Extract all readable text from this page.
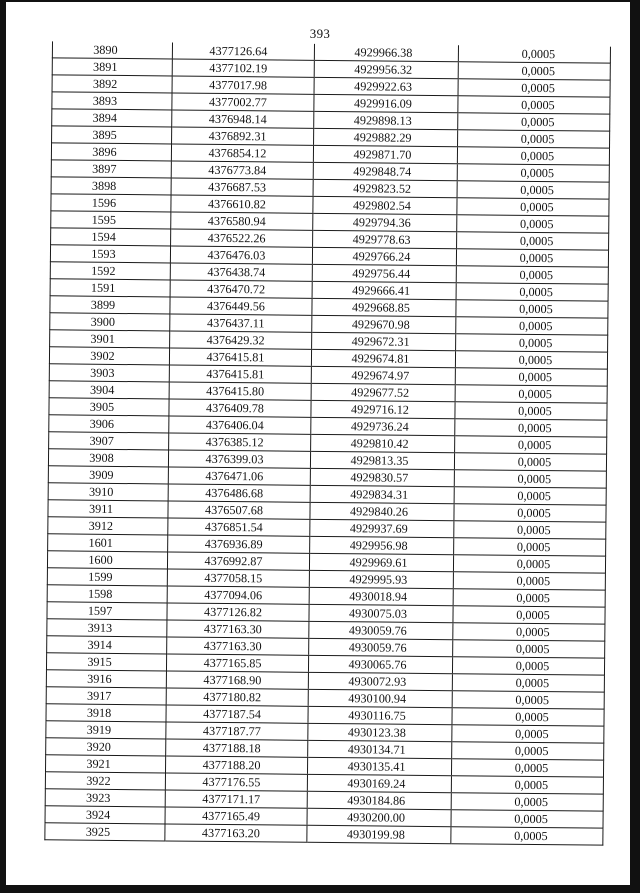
393
3890	4377126.64	4929966.38	0,0005
3891	4377102.19	4929956.32	0,0005
3892	4377017.98	4929922.63	0,0005
3893	4377002.77	4929916.09	0,0005
3894	4376948.14	4929898.13	0,0005
3895	4376892.31	4929882.29	0,0005
3896	4376854.12	4929871.70	0,0005
3897	4376773.84	4929848.74	0,0005
3898	4376687.53	4929823.52	0,0005
1596	4376610.82	4929802.54	0,0005
1595	4376580.94	4929794.36	0,0005
1594	4376522.26	4929778.63	0,0005
1593	4376476.03	4929766.24	0,0005
1592	4376438.74	4929756.44	0,0005
1591	4376470.72	4929666.41	0,0005
3899	4376449.56	4929668.85	0,0005
3900	4376437.11	4929670.98	0,0005
3901	4376429.32	4929672.31	0,0005
3902	4376415.81	4929674.81	0,0005
3903	4376415.81	4929674.97	0,0005
3904	4376415.80	4929677.52	0,0005
3905	4376409.78	4929716.12	0,0005
3906	4376406.04	4929736.24	0,0005
3907	4376385.12	4929810.42	0,0005
3908	4376399.03	4929813.35	0,0005
3909	4376471.06	4929830.57	0,0005
3910	4376486.68	4929834.31	0,0005
3911	4376507.68	4929840.26	0,0005
3912	4376851.54	4929937.69	0,0005
1601	4376936.89	4929956.98	0,0005
1600	4376992.87	4929969.61	0,0005
1599	4377058.15	4929995.93	0,0005
1598	4377094.06	4930018.94	0,0005
1597	4377126.82	4930075.03	0,0005
3913	4377163.30	4930059.76	0,0005
3914	4377163.30	4930059.76	0,0005
3915	4377165.85	4930065.76	0,0005
3916	4377168.90	4930072.93	0,0005
3917	4377180.82	4930100.94	0,0005
3918	4377187.54	4930116.75	0,0005
3919	4377187.77	4930123.38	0,0005
3920	4377188.18	4930134.71	0,0005
3921	4377188.20	4930135.41	0,0005
3922	4377176.55	4930169.24	0,0005
3923	4377171.17	4930184.86	0,0005
3924	4377165.49	4930200.00	0,0005
3925	4377163.20	4930199.98	0,0005
